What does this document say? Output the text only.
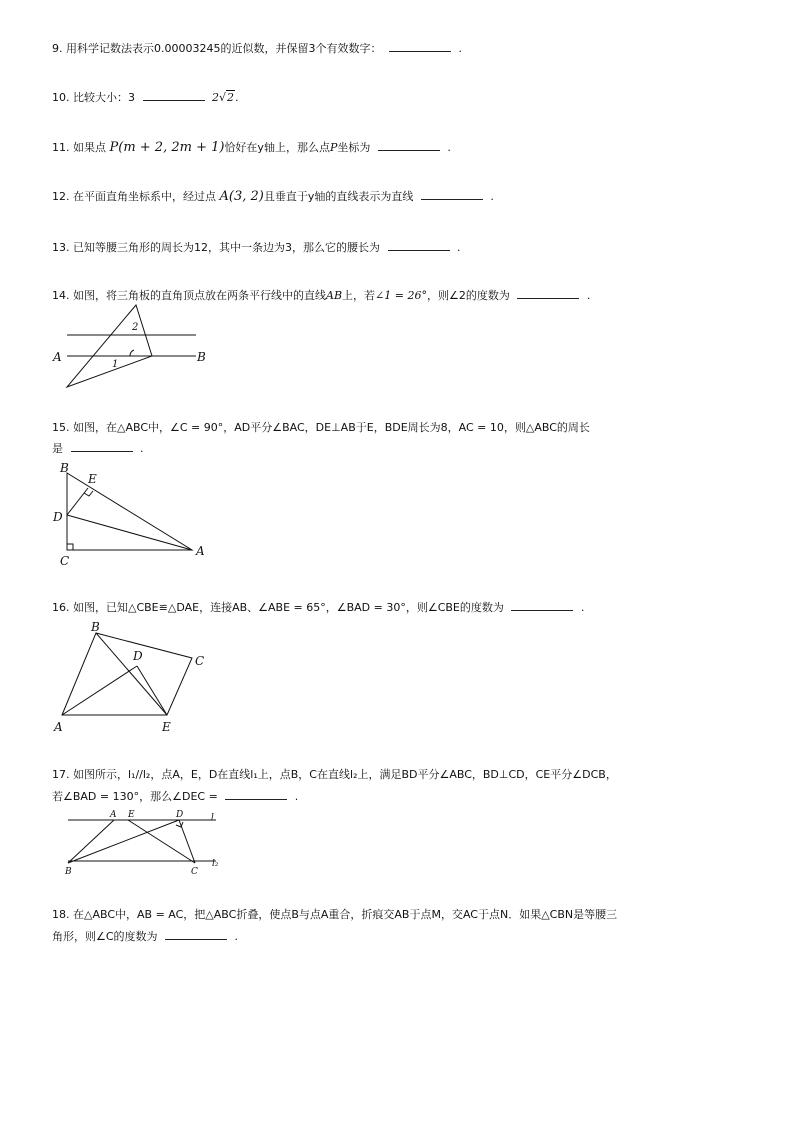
9. 用科学记数法表示0.00003245的近似数，并保留3个有效数字：	.
10. 比较大小：3	2√2.
11. 如果点 P(m + 2, 2m + 1)恰好在y轴上，那么点P坐标为	.
12. 在平面直角坐标系中，经过点 A(3, 2)且垂直于y轴的直线表示为直线	.
13. 已知等腰三角形的周长为12，其中一条边为3，那么它的腰长为	.
14. 如图，将三角板的直角顶点放在两条平行线中的直线AB上，若∠1 = 26°，则∠2的度数为	.
A	B
1
2
15. 如图，在△ABC中，∠C = 90°，AD平分∠BAC，DE⊥AB于E，BDE周长为8，AC = 10，则△ABC的周长
是	.
B
E
D
C
A
16. 如图，已知△CBE≌△DAE，连接AB、∠ABE = 65°，∠BAD = 30°，则∠CBE的度数为	.
B
D	C
A	E
17. 如图所示，l₁//l₂，点A，E，D在直线l₁上，点B，C在直线l₂上，满足BD平分∠ABC，BD⊥CD，CE平分∠DCB，
若∠BAD = 130°，那么∠DEC =	.
A E	D	l
B	C
l₂
18. 在△ABC中，AB = AC，把△ABC折叠，使点B与点A重合，折痕交AB于点M，交AC于点N．如果△CBN是等腰三
角形，则∠C的度数为	.
